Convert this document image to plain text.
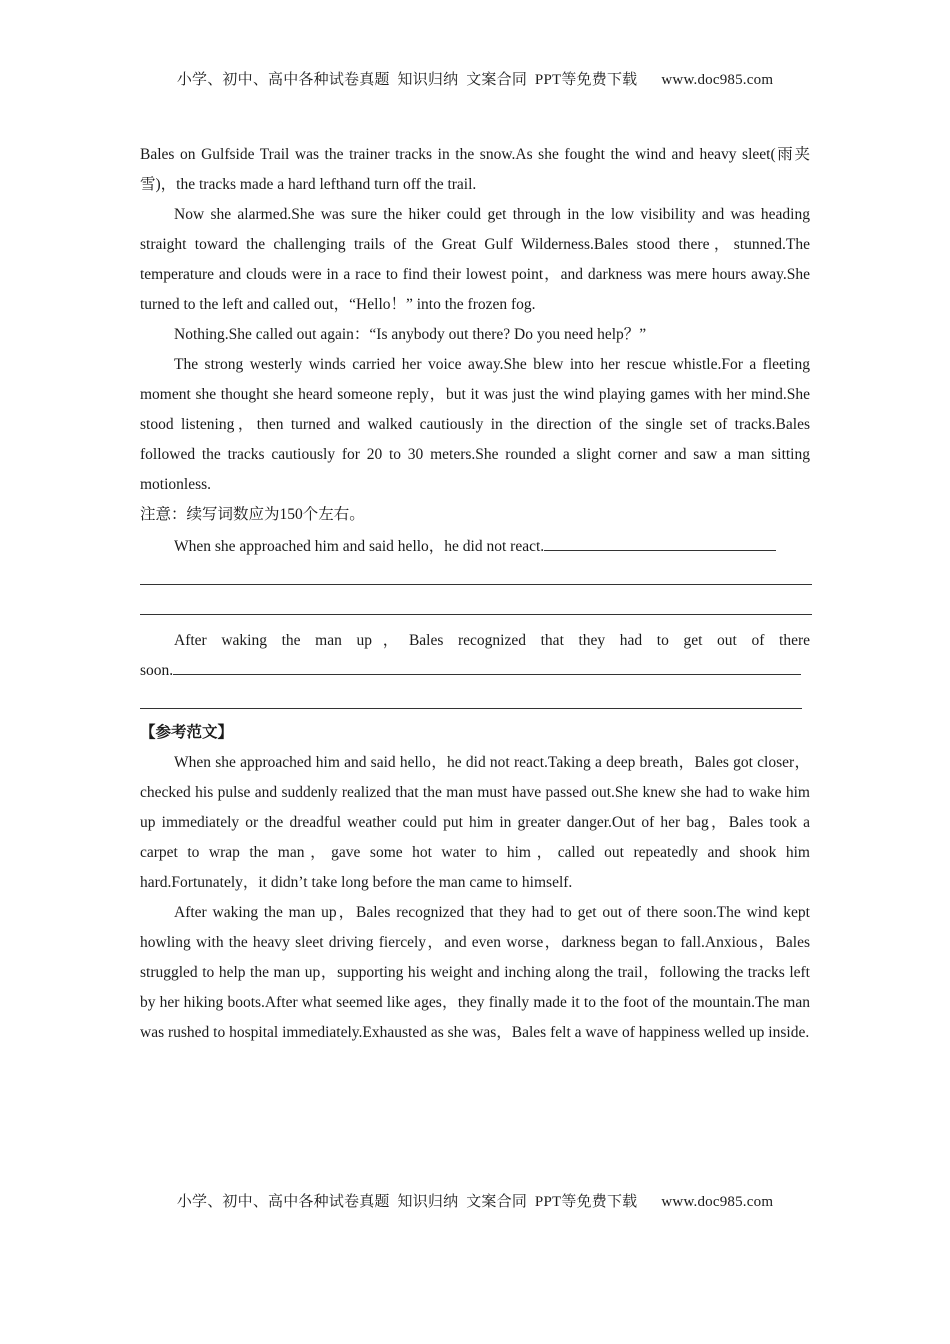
小学、初中、高中各种试卷真题  知识归纳  文案合同  PPT等免费下载 www.doc985.com

Bales on Gulfside Trail was the trainer tracks in the snow.As she fought the wind and heavy sleet(雨夹雪)，the tracks made a hard lefthand turn off the trail.

Now she alarmed.She was sure the hiker could get through in the low visibility and was heading straight toward the challenging trails of the Great Gulf Wilderness.Bales stood there，stunned.The temperature and clouds were in a race to find their lowest point，and darkness was mere hours away.She turned to the left and called out，“Hello！” into the frozen fog.

Nothing.She called out again：“Is anybody out there? Do you need help？”

The strong westerly winds carried her voice away.She blew into her rescue whistle.For a fleeting moment she thought she heard someone reply，but it was just the wind playing games with her mind.She stood listening，then turned and walked cautiously in the direction of the single set of tracks.Bales followed the tracks cautiously for 20 to 30 meters.She rounded a slight corner and saw a man sitting motionless.

注意：续写词数应为150个左右。

When she approached him and said hello，he did not react.

After waking the man up，Bales recognized that they had to get out of there

soon.

【参考范文】

When she approached him and said hello，he did not react.Taking a deep breath，Bales got closer，checked his pulse and suddenly realized that the man must have passed out.She knew she had to wake him up immediately or the dreadful weather could put him in greater danger.Out of her bag，Bales took a carpet to wrap the man，gave some hot water to him，called out repeatedly and shook him hard.Fortunately，it didn’t take long before the man came to himself.

After waking the man up，Bales recognized that they had to get out of there soon.The wind kept howling with the heavy sleet driving fiercely，and even worse，darkness began to fall.Anxious，Bales struggled to help the man up，supporting his weight and inching along the trail，following the tracks left by her hiking boots.After what seemed like ages，they finally made it to the foot of the mountain.The man was rushed to hospital immediately.Exhausted as she was，Bales felt a wave of happiness welled up inside.

小学、初中、高中各种试卷真题  知识归纳  文案合同  PPT等免费下载 www.doc985.com
